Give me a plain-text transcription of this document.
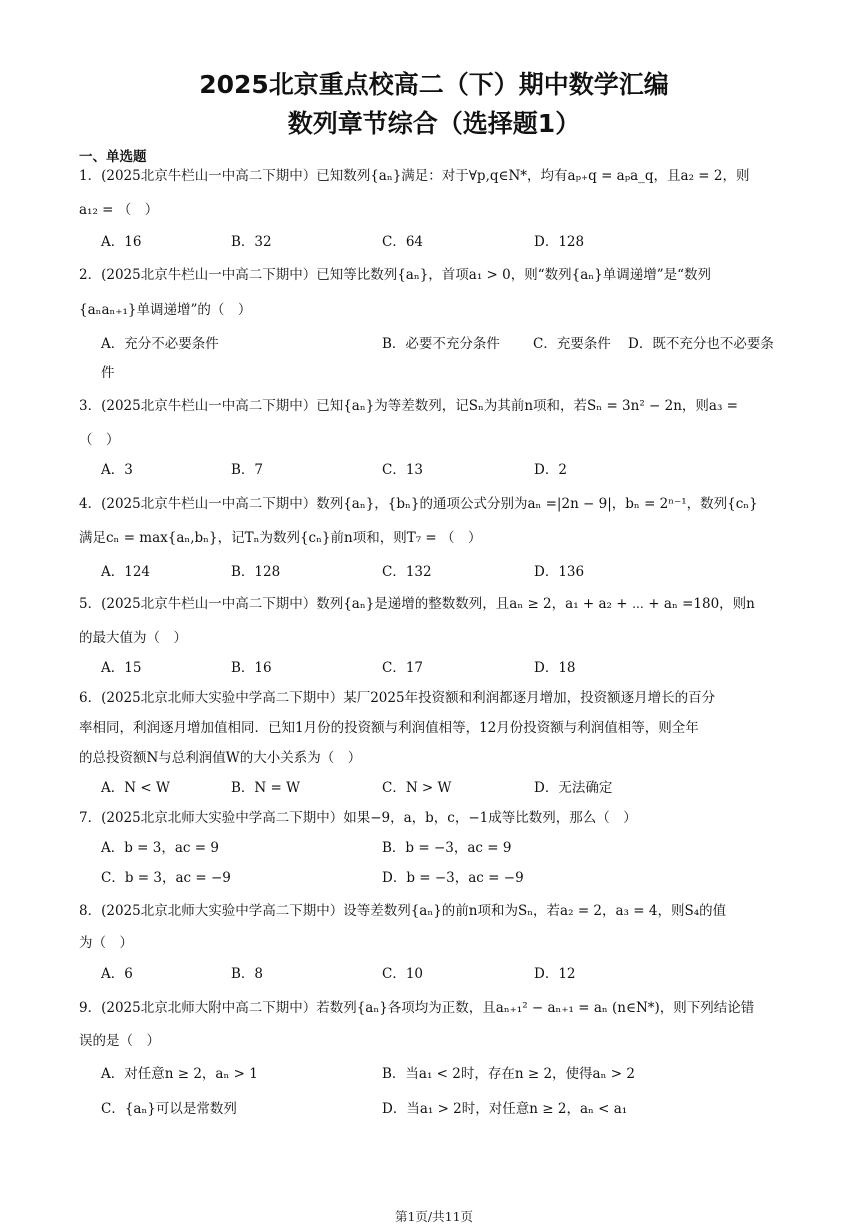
2025北京重点校高二（下）期中数学汇编
数列章节综合（选择题1）
一、单选题
1．(2025北京牛栏山一中高二下期中）已知数列{aₙ}满足：对于∀p,q∈N*，均有aₚ₊q = aₚa_q，且a₂ = 2，则
a₁₂ = （　）
A．16	B．32	C．64	D．128
2．(2025北京牛栏山一中高二下期中）已知等比数列{aₙ}，首项a₁ > 0，则“数列{aₙ}单调递增”是“数列
{aₙaₙ₊₁}单调递增”的（　）
A．充分不必要条件	B．必要不充分条件 C．充要条件 D．既不充分也不必要条
件
3．(2025北京牛栏山一中高二下期中）已知{aₙ}为等差数列，记Sₙ为其前n项和，若Sₙ = 3n² − 2n，则a₃ =
（　）
A．3	B．7	C．13	D．2
4．(2025北京牛栏山一中高二下期中）数列{aₙ}，{bₙ}的通项公式分别为aₙ =|2n − 9|，bₙ = 2ⁿ⁻¹，数列{cₙ}
满足cₙ = max{aₙ,bₙ}，记Tₙ为数列{cₙ}前n项和，则T₇ = （　）
A．124	B．128	C．132	D．136
5．(2025北京牛栏山一中高二下期中）数列{aₙ}是递增的整数数列，且aₙ ≥ 2，a₁ + a₂ + ⋯ + aₙ =180，则n
的最大值为（　）
A．15	B．16	C．17	D．18
6．(2025北京北师大实验中学高二下期中）某厂2025年投资额和利润都逐月增加，投资额逐月增长的百分
率相同，利润逐月增加值相同．已知1月份的投资额与利润值相等，12月份投资额与利润值相等，则全年
的总投资额N与总利润值W的大小关系为（　）
A．N < W	B．N = W	C．N > W	D．无法确定
7．(2025北京北师大实验中学高二下期中）如果−9，a，b，c，−1成等比数列，那么（　）
A．b = 3，ac = 9	B．b = −3，ac = 9
C．b = 3，ac = −9	D．b = −3，ac = −9
8．(2025北京北师大实验中学高二下期中）设等差数列{aₙ}的前n项和为Sₙ，若a₂ = 2，a₃ = 4，则S₄的值
为（　）
A．6	B．8	C．10	D．12
9．(2025北京北师大附中高二下期中）若数列{aₙ}各项均为正数，且aₙ₊₁² − aₙ₊₁ = aₙ (n∈N*)，则下列结论错
误的是（　）
A．对任意n ≥ 2，aₙ > 1	B．当a₁ < 2时，存在n ≥ 2，使得aₙ > 2
C．{aₙ}可以是常数列	D．当a₁ > 2时，对任意n ≥ 2，aₙ < a₁
第1页/共11页
